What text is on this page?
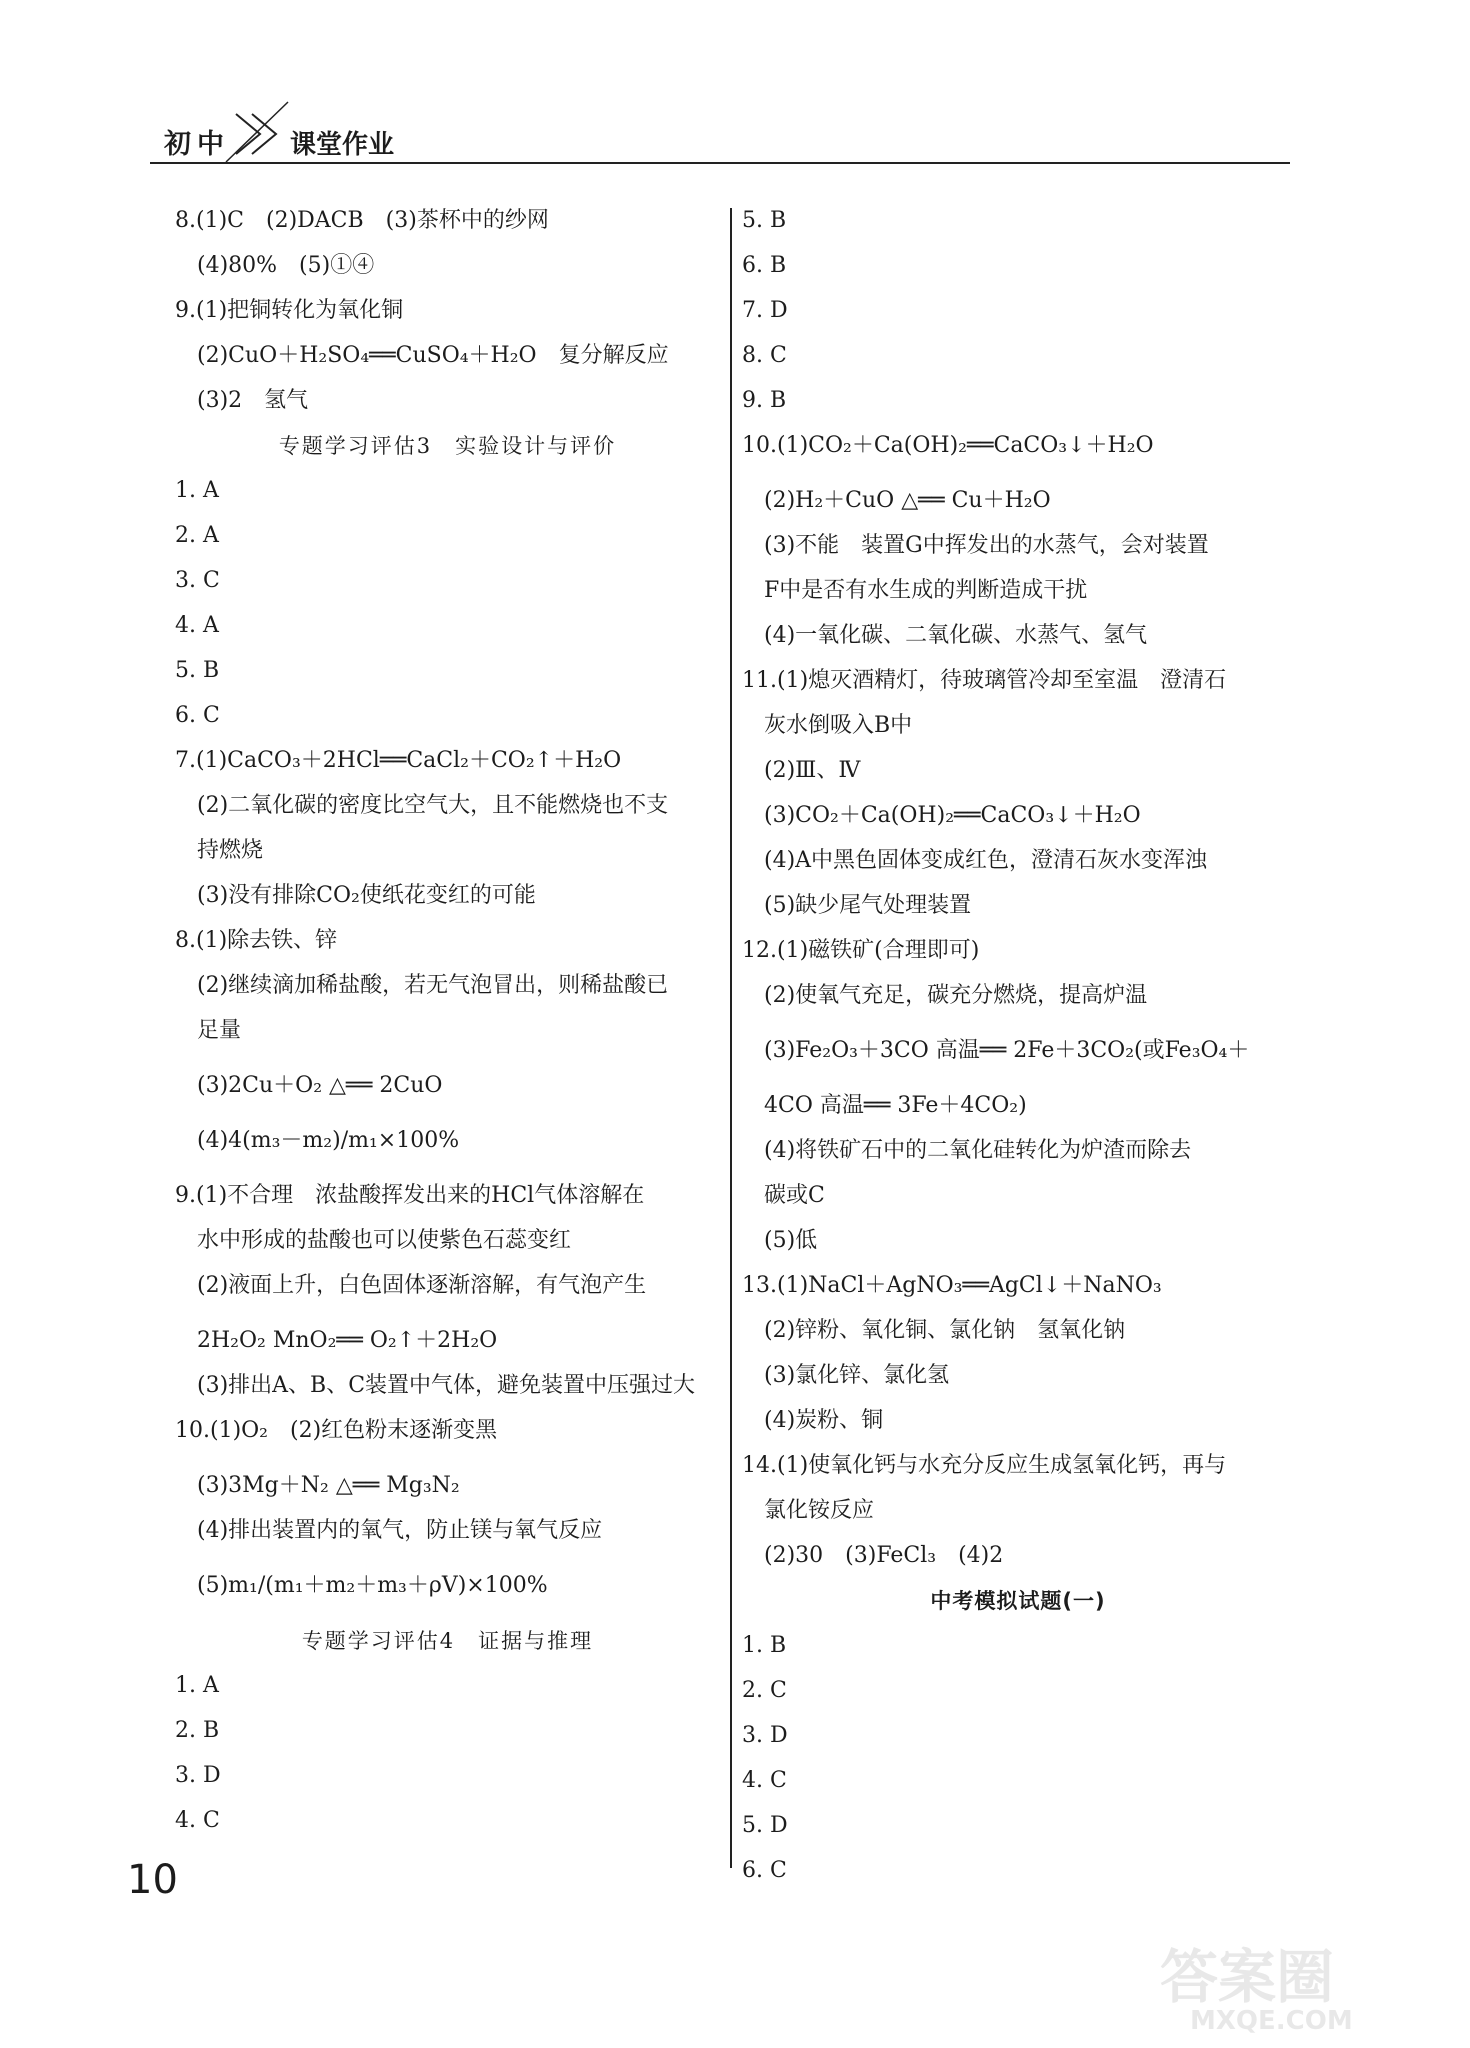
初中 课堂作业
8.(1)C　(2)DACB　(3)茶杯中的纱网
(4)80%　(5)①④
9.(1)把铜转化为氧化铜
(2)CuO＋H₂SO₄══CuSO₄＋H₂O　复分解反应
(3)2　氢气
专题学习评估3　实验设计与评价
1. A
2. A
3. C
4. A
5. B
6. C
7.(1)CaCO₃＋2HCl══CaCl₂＋CO₂↑＋H₂O
(2)二氧化碳的密度比空气大，且不能燃烧也不支
持燃烧
(3)没有排除CO₂使纸花变红的可能
8.(1)除去铁、锌
(2)继续滴加稀盐酸，若无气泡冒出，则稀盐酸已
足量
(3)2Cu＋O₂ △══ 2CuO
(4)4(m₃－m₂)/m₁×100%
9.(1)不合理　浓盐酸挥发出来的HCl气体溶解在
水中形成的盐酸也可以使紫色石蕊变红
(2)液面上升，白色固体逐渐溶解，有气泡产生
2H₂O₂ MnO₂══ O₂↑＋2H₂O
(3)排出A、B、C装置中气体，避免装置中压强过大
10.(1)O₂　(2)红色粉末逐渐变黑
(3)3Mg＋N₂ △══ Mg₃N₂
(4)排出装置内的氧气，防止镁与氧气反应
(5)m₁/(m₁＋m₂＋m₃＋ρV)×100%
专题学习评估4　证据与推理
1. A
2. B
3. D
4. C
5. B
6. B
7. D
8. C
9. B
10.(1)CO₂＋Ca(OH)₂══CaCO₃↓＋H₂O
(2)H₂＋CuO △══ Cu＋H₂O
(3)不能　装置G中挥发出的水蒸气，会对装置
F中是否有水生成的判断造成干扰
(4)一氧化碳、二氧化碳、水蒸气、氢气
11.(1)熄灭酒精灯，待玻璃管冷却至室温　澄清石
灰水倒吸入B中
(2)Ⅲ、Ⅳ
(3)CO₂＋Ca(OH)₂══CaCO₃↓＋H₂O
(4)A中黑色固体变成红色，澄清石灰水变浑浊
(5)缺少尾气处理装置
12.(1)磁铁矿(合理即可)
(2)使氧气充足，碳充分燃烧，提高炉温
(3)Fe₂O₃＋3CO 高温══ 2Fe＋3CO₂(或Fe₃O₄＋
4CO 高温══ 3Fe＋4CO₂)
(4)将铁矿石中的二氧化硅转化为炉渣而除去
碳或C
(5)低
13.(1)NaCl＋AgNO₃══AgCl↓＋NaNO₃
(2)锌粉、氧化铜、氯化钠　氢氧化钠
(3)氯化锌、氯化氢
(4)炭粉、铜
14.(1)使氧化钙与水充分反应生成氢氧化钙，再与
氯化铵反应
(2)30　(3)FeCl₃　(4)2
中考模拟试题(一)
1. B
2. C
3. D
4. C
5. D
6. C
10
答案圈
MXQE.COM
